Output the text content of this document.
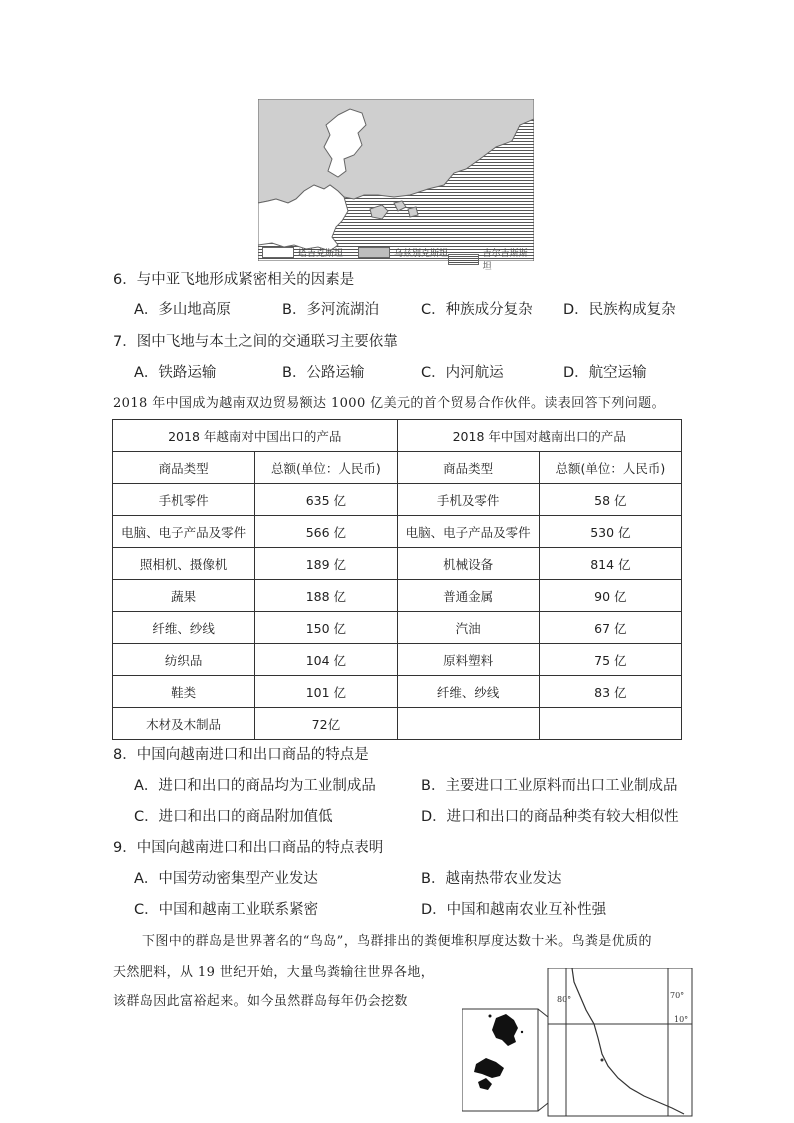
塔吉克斯坦	乌兹别克斯坦	吉尔吉斯斯坦
6．与中亚飞地形成紧密相关的因素是
A．多山地高原	B．多河流湖泊	C．种族成分复杂 D．民族构成复杂
7．图中飞地与本土之间的交通联习主要依靠
A．铁路运输	B．公路运输	C．内河航运	D．航空运输
2018 年中国成为越南双边贸易额达 1000 亿美元的首个贸易合作伙伴。读表回答下列问题。
2018 年越南对中国出口的产品		2018 年中国对越南出口的产品	
商品类型	总额(单位：人民币)	商品类型	总额(单位：人民币)
手机零件	635 亿	手机及零件	58 亿
电脑、电子产品及零件	566 亿	电脑、电子产品及零件	530 亿
照相机、摄像机	189 亿	机械设备	814 亿
蔬果	188 亿	普通金属	90 亿
纤维、纱线	150 亿	汽油	67 亿
纺织品	104 亿	原料塑料	75 亿
鞋类	101 亿	纤维、纱线	83 亿
木材及木制品	72亿		
8．中国向越南进口和出口商品的特点是
A．进口和出口的商品均为工业制成品	B．主要进口工业原料而出口工业制成品
C．进口和出口的商品附加值低	D．进口和出口的商品种类有较大相似性
9．中国向越南进口和出口商品的特点表明
A．中国劳动密集型产业发达	B．越南热带农业发达
C．中国和越南工业联系紧密	D．中国和越南农业互补性强
下图中的群岛是世界著名的“鸟岛”，鸟群排出的粪便堆积厚度达数十米。鸟粪是优质的
天然肥料，从 19 世纪开始，大量鸟粪输往世界各地，
该群岛因此富裕起来。如今虽然群岛每年仍会挖数	80°	70°
10°
